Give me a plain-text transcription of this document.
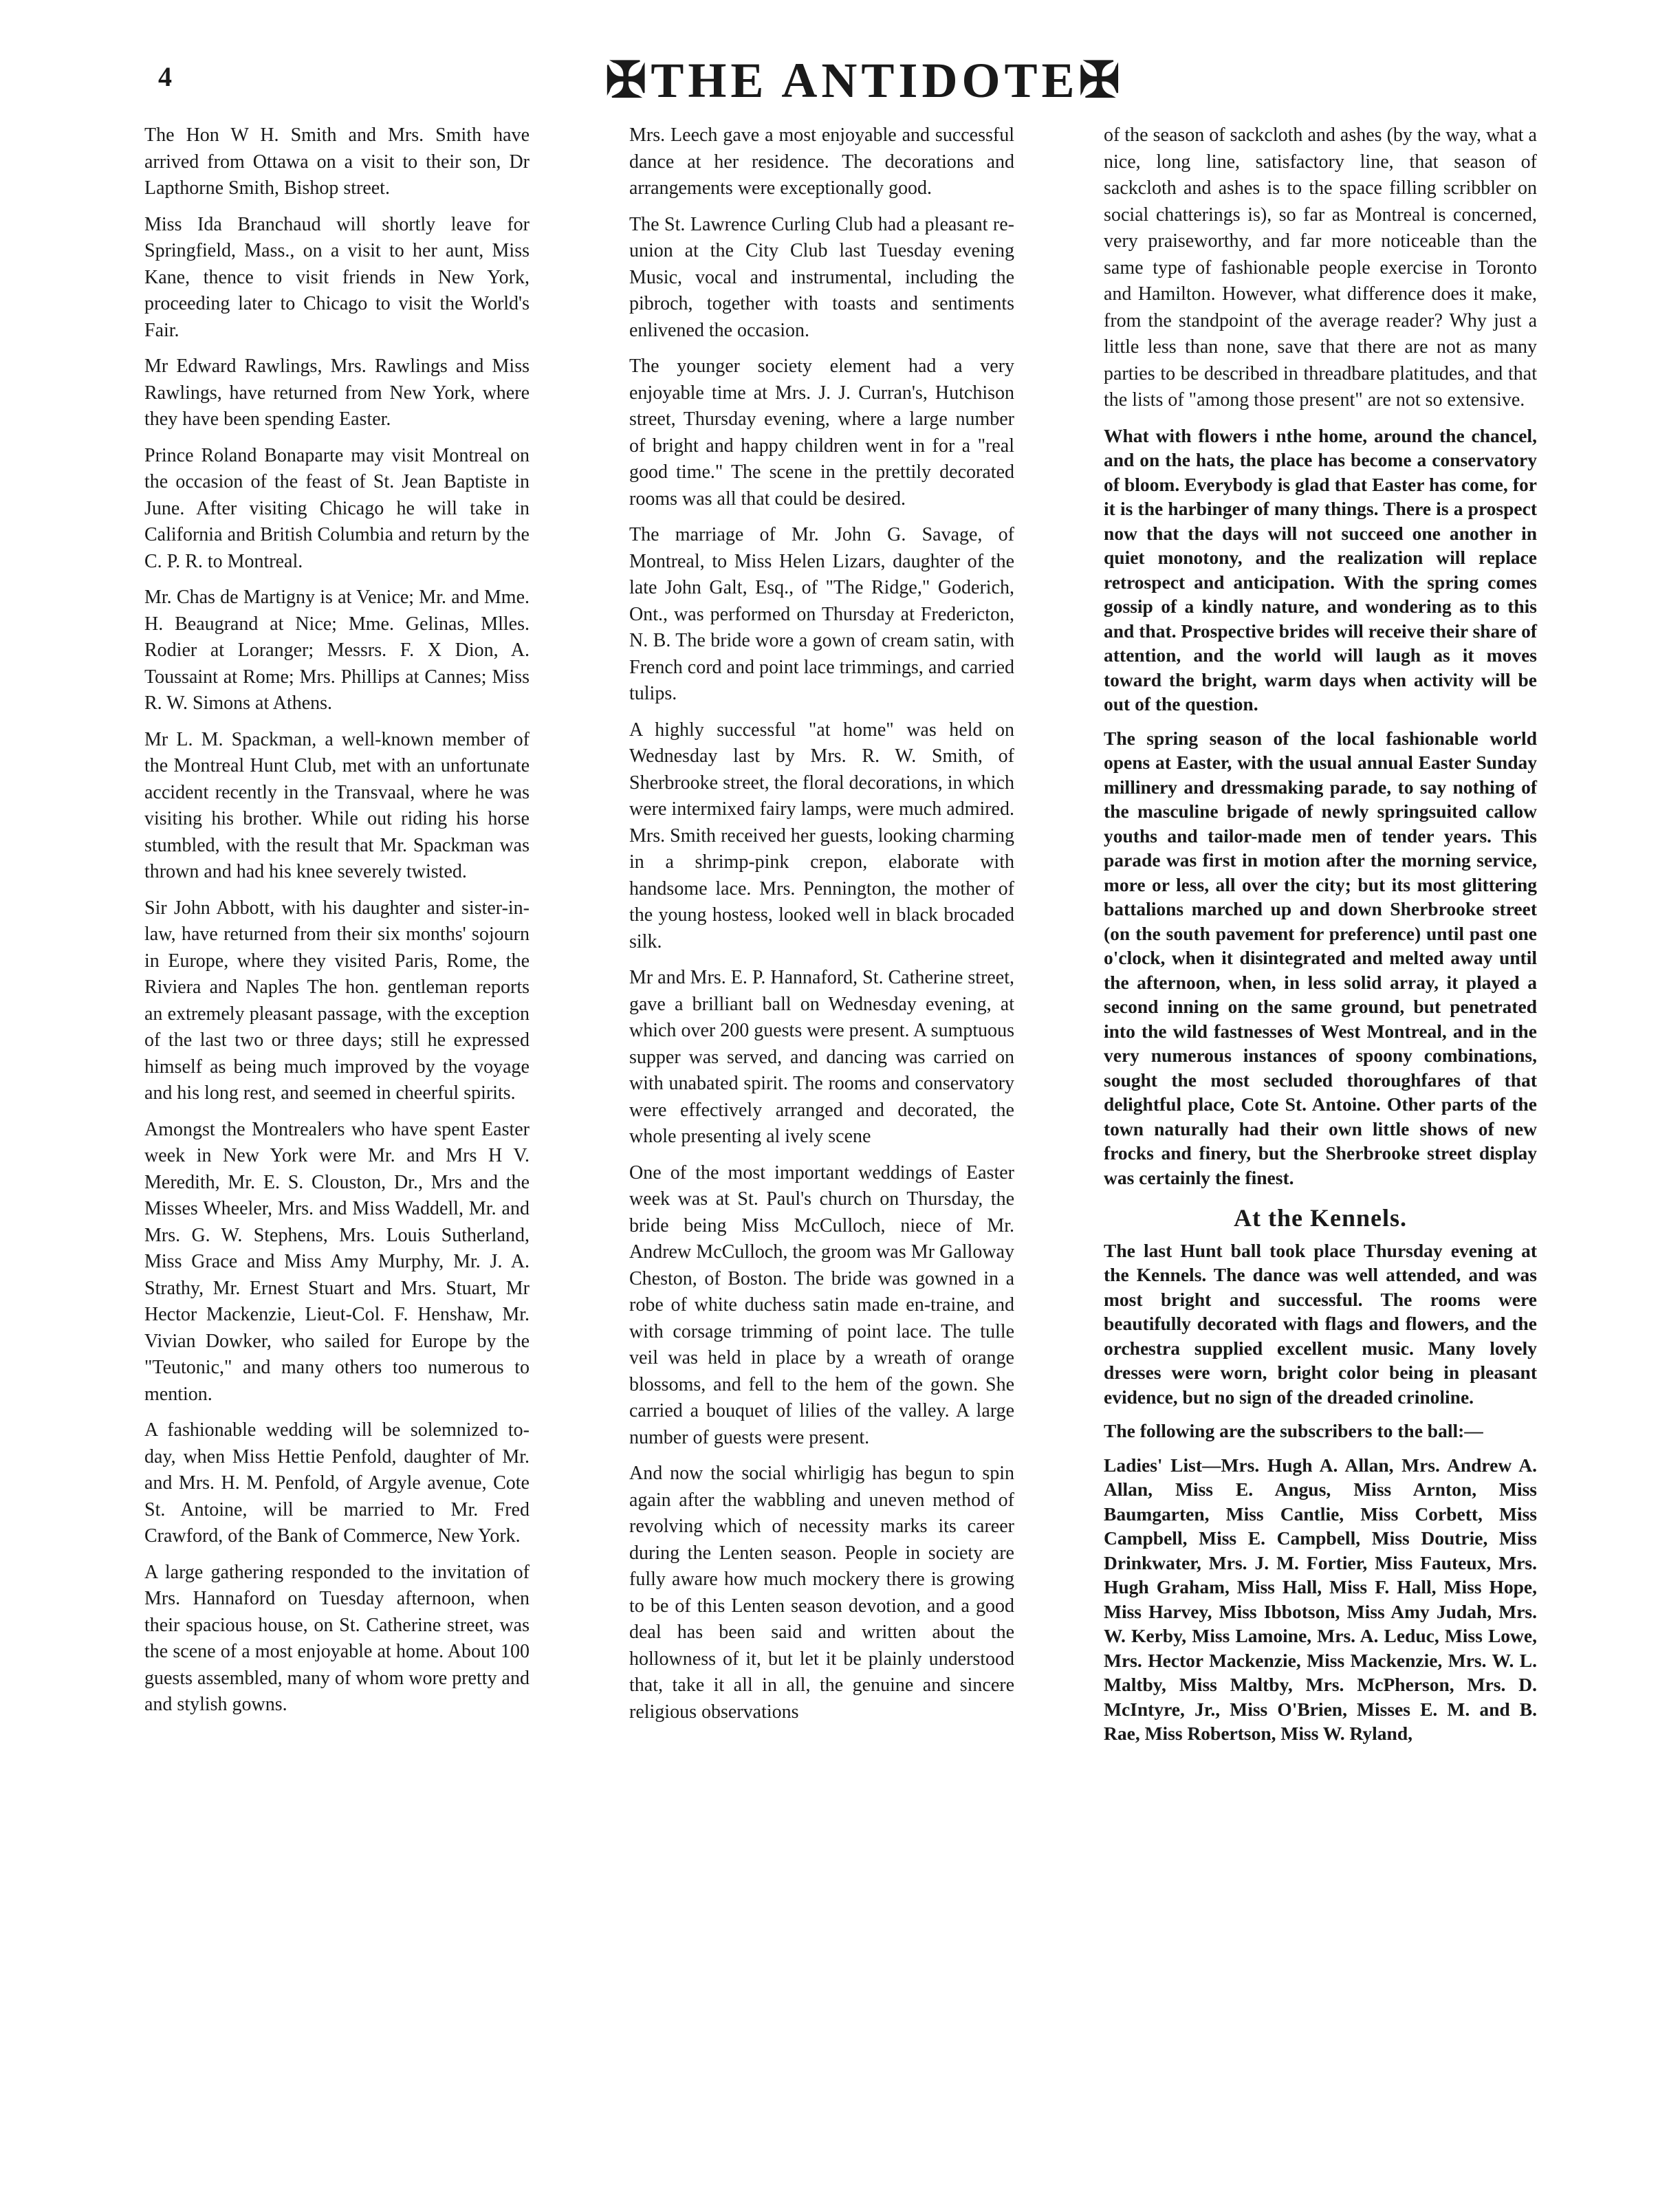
4	✠THE ANTIDOTE✠

The Hon W H. Smith and Mrs. Smith have arrived from Ottawa on a visit to their son, Dr Lapthorne Smith, Bishop street.

Miss Ida Branchaud will shortly leave for Springfield, Mass., on a visit to her aunt, Miss Kane, thence to visit friends in New York, proceeding later to Chicago to visit the World's Fair.

Mr Edward Rawlings, Mrs. Rawlings and Miss Rawlings, have returned from New York, where they have been spending Easter.

Prince Roland Bonaparte may visit Montreal on the occasion of the feast of St. Jean Baptiste in June. After visiting Chicago he will take in California and British Columbia and return by the C. P. R. to Montreal.

Mr. Chas de Martigny is at Venice; Mr. and Mme. H. Beaugrand at Nice; Mme. Gelinas, Mlles. Rodier at Loranger; Messrs. F. X Dion, A. Toussaint at Rome; Mrs. Phillips at Cannes; Miss R. W. Simons at Athens.

Mr L. M. Spackman, a well-known member of the Montreal Hunt Club, met with an unfortunate accident recently in the Transvaal, where he was visiting his brother. While out riding his horse stumbled, with the result that Mr. Spackman was thrown and had his knee severely twisted.

Sir John Abbott, with his daughter and sister-in-law, have returned from their six months' sojourn in Europe, where they visited Paris, Rome, the Riviera and Naples The hon. gentleman reports an extremely pleasant passage, with the exception of the last two or three days; still he expressed himself as being much improved by the voyage and his long rest, and seemed in cheerful spirits.

Amongst the Montrealers who have spent Easter week in New York were Mr. and Mrs H V. Meredith, Mr. E. S. Clouston, Dr., Mrs and the Misses Wheeler, Mrs. and Miss Waddell, Mr. and Mrs. G. W. Stephens, Mrs. Louis Sutherland, Miss Grace and Miss Amy Murphy, Mr. J. A. Strathy, Mr. Ernest Stuart and Mrs. Stuart, Mr Hector Mackenzie, Lieut-Col. F. Henshaw, Mr. Vivian Dowker, who sailed for Europe by the "Teutonic," and many others too numerous to mention.

A fashionable wedding will be solemnized to-day, when Miss Hettie Penfold, daughter of Mr. and Mrs. H. M. Penfold, of Argyle avenue, Cote St. Antoine, will be married to Mr. Fred Crawford, of the Bank of Commerce, New York.

A large gathering responded to the invitation of Mrs. Hannaford on Tuesday afternoon, when their spacious house, on St. Catherine street, was the scene of a most enjoyable at home. About 100 guests assembled, many of whom wore pretty and and stylish gowns.

Mrs. Leech gave a most enjoyable and successful dance at her residence. The decorations and arrangements were exceptionally good.

The St. Lawrence Curling Club had a pleasant re-union at the City Club last Tuesday evening Music, vocal and instrumental, including the pibroch, together with toasts and sentiments enlivened the occasion.

The younger society element had a very enjoyable time at Mrs. J. J. Curran's, Hutchison street, Thursday evening, where a large number of bright and happy children went in for a "real good time." The scene in the prettily decorated rooms was all that could be desired.

The marriage of Mr. John G. Savage, of Montreal, to Miss Helen Lizars, daughter of the late John Galt, Esq., of "The Ridge," Goderich, Ont., was performed on Thursday at Fredericton, N. B. The bride wore a gown of cream satin, with French cord and point lace trimmings, and carried tulips.

A highly successful "at home" was held on Wednesday last by Mrs. R. W. Smith, of Sherbrooke street, the floral decorations, in which were intermixed fairy lamps, were much admired. Mrs. Smith received her guests, looking charming in a shrimp-pink crepon, elaborate with handsome lace. Mrs. Pennington, the mother of the young hostess, looked well in black brocaded silk.

Mr and Mrs. E. P. Hannaford, St. Catherine street, gave a brilliant ball on Wednesday evening, at which over 200 guests were present. A sumptuous supper was served, and dancing was carried on with unabated spirit. The rooms and conservatory were effectively arranged and decorated, the whole presenting al ively scene

One of the most important weddings of Easter week was at St. Paul's church on Thursday, the bride being Miss McCulloch, niece of Mr. Andrew McCulloch, the groom was Mr Galloway Cheston, of Boston. The bride was gowned in a robe of white duchess satin made en-traine, and with corsage trimming of point lace. The tulle veil was held in place by a wreath of orange blossoms, and fell to the hem of the gown. She carried a bouquet of lilies of the valley. A large number of guests were present.

And now the social whirligig has begun to spin again after the wabbling and uneven method of revolving which of necessity marks its career during the Lenten season. People in society are fully aware how much mockery there is growing to be of this Lenten season devotion, and a good deal has been said and written about the hollowness of it, but let it be plainly understood that, take it all in all, the genuine and sincere religious observations

of the season of sackcloth and ashes (by the way, what a nice, long line, satisfactory line, that season of sackcloth and ashes is to the space filling scribbler on social chatterings is), so far as Montreal is concerned, very praiseworthy, and far more noticeable than the same type of fashionable people exercise in Toronto and Hamilton. However, what difference does it make, from the standpoint of the average reader? Why just a little less than none, save that there are not as many parties to be described in threadbare platitudes, and that the lists of "among those present" are not so extensive.

What with flowers i nthe home, around the chancel, and on the hats, the place has become a conservatory of bloom. Everybody is glad that Easter has come, for it is the harbinger of many things. There is a prospect now that the days will not succeed one another in quiet monotony, and the realization will replace retrospect and anticipation. With the spring comes gossip of a kindly nature, and wondering as to this and that. Prospective brides will receive their share of attention, and the world will laugh as it moves toward the bright, warm days when activity will be out of the question.

The spring season of the local fashionable world opens at Easter, with the usual annual Easter Sunday millinery and dressmaking parade, to say nothing of the masculine brigade of newly springsuited callow youths and tailor-made men of tender years. This parade was first in motion after the morning service, more or less, all over the city; but its most glittering battalions marched up and down Sherbrooke street (on the south pavement for preference) until past one o'clock, when it disintegrated and melted away until the afternoon, when, in less solid array, it played a second inning on the same ground, but penetrated into the wild fastnesses of West Montreal, and in the very numerous instances of spoony combinations, sought the most secluded thoroughfares of that delightful place, Cote St. Antoine. Other parts of the town naturally had their own little shows of new frocks and finery, but the Sherbrooke street display was certainly the finest.

At the Kennels.

The last Hunt ball took place Thursday evening at the Kennels. The dance was well attended, and was most bright and successful. The rooms were beautifully decorated with flags and flowers, and the orchestra supplied excellent music. Many lovely dresses were worn, bright color being in pleasant evidence, but no sign of the dreaded crinoline.

The following are the subscribers to the ball:—

Ladies' List—Mrs. Hugh A. Allan, Mrs. Andrew A. Allan, Miss E. Angus, Miss Arnton, Miss Baumgarten, Miss Cantlie, Miss Corbett, Miss Campbell, Miss E. Campbell, Miss Doutrie, Miss Drinkwater, Mrs. J. M. Fortier, Miss Fauteux, Mrs. Hugh Graham, Miss Hall, Miss F. Hall, Miss Hope, Miss Harvey, Miss Ibbotson, Miss Amy Judah, Mrs. W. Kerby, Miss Lamoine, Mrs. A. Leduc, Miss Lowe, Mrs. Hector Mackenzie, Miss Mackenzie, Mrs. W. L. Maltby, Miss Maltby, Mrs. McPherson, Mrs. D. McIntyre, Jr., Miss O'Brien, Misses E. M. and B. Rae, Miss Robertson, Miss W. Ryland,
